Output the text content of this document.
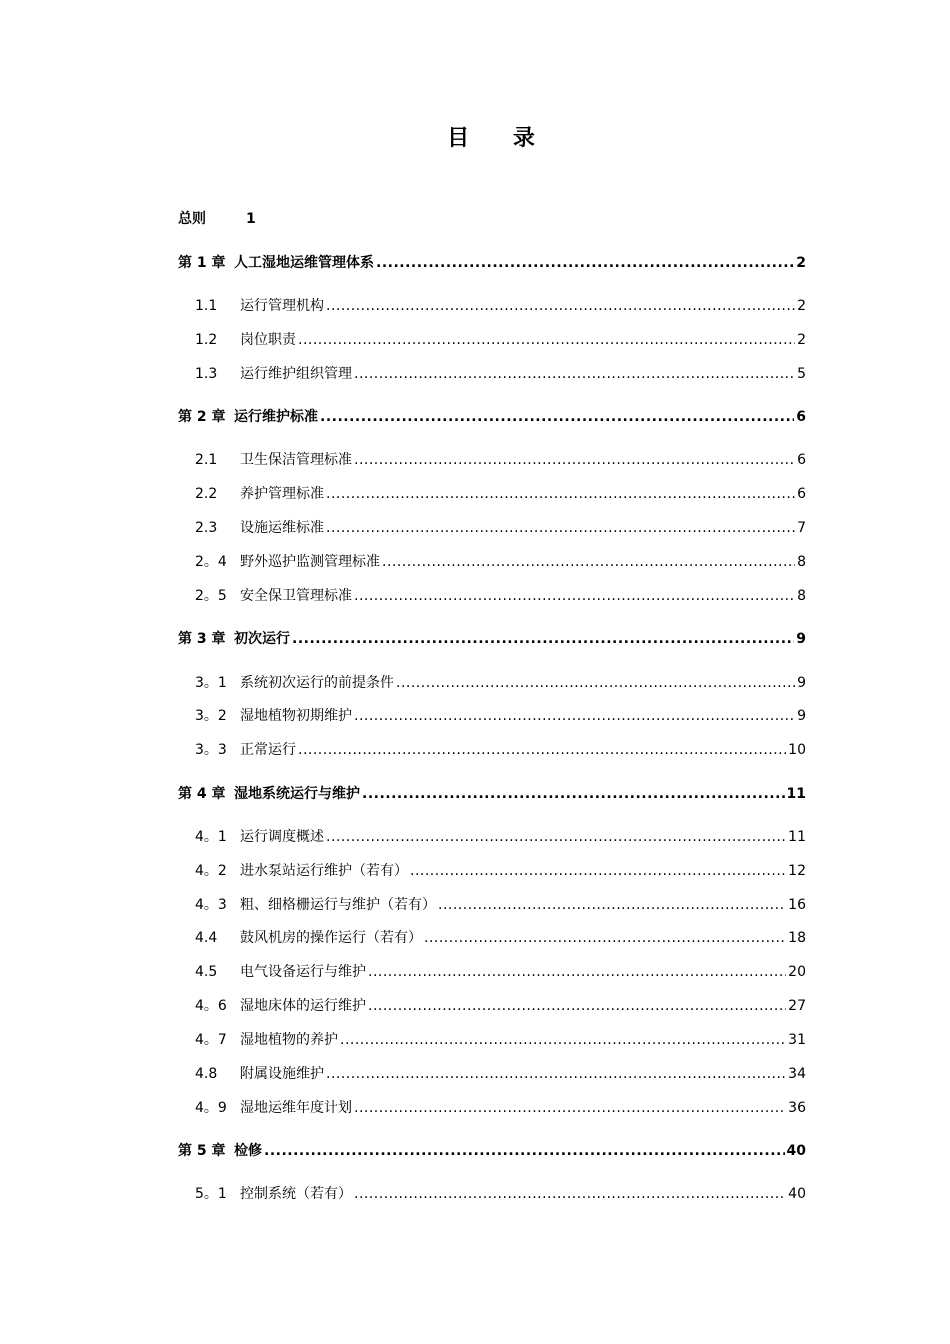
目 录
总则	1
第 1 章 人工湿地运维管理体系 .....	2
1.1	运行管理机构 .....	2
1.2	岗位职责 .....	2
1.3	运行维护组织管理 .....	5
第 2 章 运行维护标准 .....	6
2.1	卫生保洁管理标准 .....	6
2.2	养护管理标准 .....	6
2.3	设施运维标准 .....	7
2。4 野外巡护监测管理标准 .....	8
2。5 安全保卫管理标准 .....	8
第 3 章 初次运行 .....	9
3。1 系统初次运行的前提条件 .....	9
3。2 湿地植物初期维护 .....	9
3。3 正常运行 .....	10
第 4 章 湿地系统运行与维护 .....	11
4。1 运行调度概述 .....	11
4。2 进水泵站运行维护（若有） .....	12
4。3 粗、细格栅运行与维护（若有） .....	16
4.4	鼓风机房的操作运行（若有） .....	18
4.5	电气设备运行与维护 .....	20
4。6 湿地床体的运行维护 .....	27
4。7 湿地植物的养护 .....	31
4.8	附属设施维护 .....	34
4。9 湿地运维年度计划 .....	36
第 5 章 检修 .....	40
5。1 控制系统（若有） .....	40
